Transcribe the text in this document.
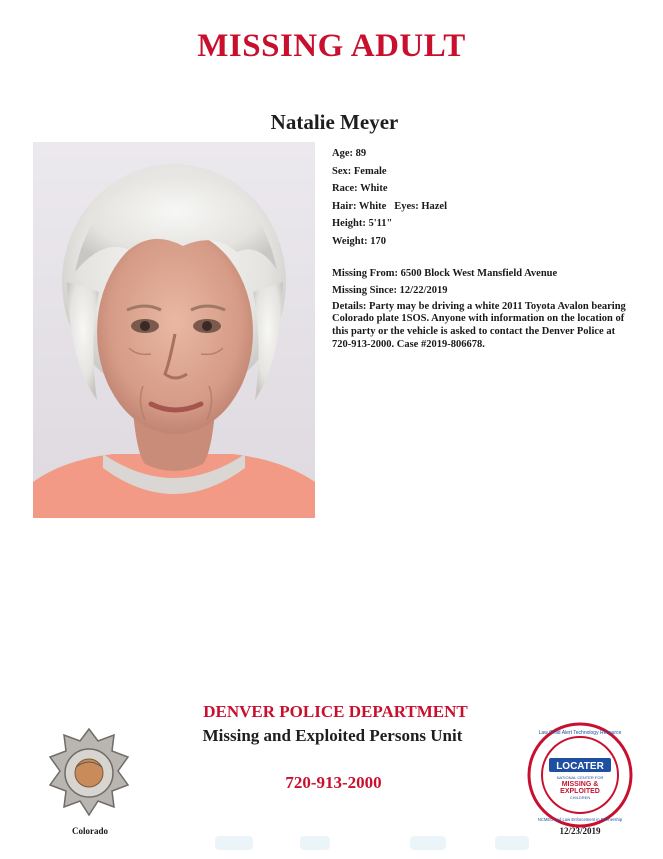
MISSING ADULT
Natalie Meyer
Age: 89
Sex: Female
Race: White
Hair: White   Eyes: Hazel
Height: 5'11"
Weight: 170
Missing From: 6500 Block West Mansfield Avenue
Missing Since: 12/22/2019
Details: Party may be driving a white 2011 Toyota Avalon bearing Colorado plate 1SOS. Anyone with information on the location of this party or the vehicle is asked to contact the Denver Police at 720-913-2000. Case #2019-806678.
DENVER POLICE DEPARTMENT
Missing and Exploited Persons Unit
720-913-2000
Colorado
LOCATER
NATIONAL CENTER FOR
MISSING &
EXPLOITED
CHILDREN
Law Child Alert Technology Resource
NCMEC and Law Enforcement in Partnership
12/23/2019
